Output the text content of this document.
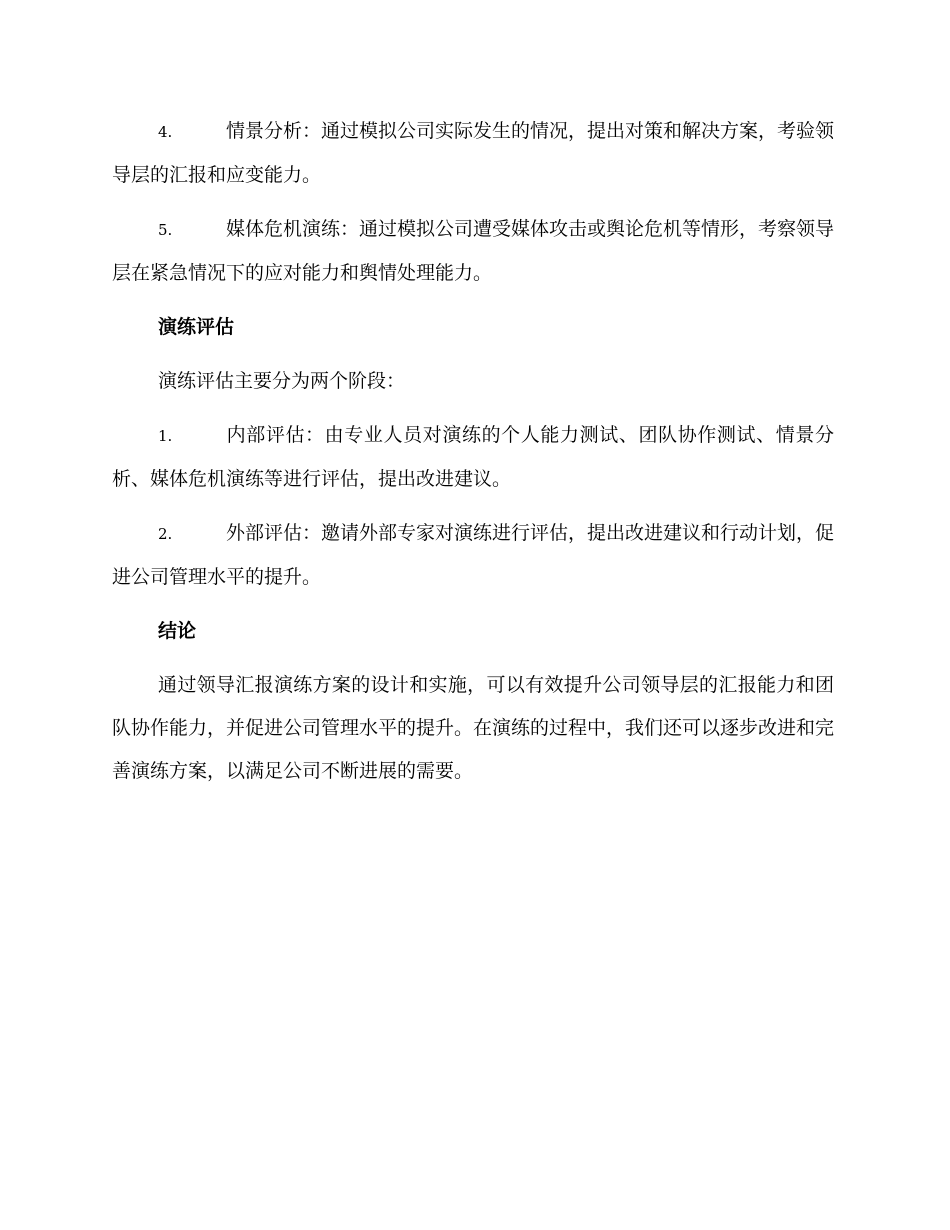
4.	情景分析：通过模拟公司实际发生的情况，提出对策和解决方案，考验领导层的汇报和应变能力。

5.	媒体危机演练：通过模拟公司遭受媒体攻击或舆论危机等情形，考察领导层在紧急情况下的应对能力和舆情处理能力。

演练评估

演练评估主要分为两个阶段：

1.	内部评估：由专业人员对演练的个人能力测试、团队协作测试、情景分析、媒体危机演练等进行评估，提出改进建议。

2.	外部评估：邀请外部专家对演练进行评估，提出改进建议和行动计划，促进公司管理水平的提升。

结论

通过领导汇报演练方案的设计和实施，可以有效提升公司领导层的汇报能力和团队协作能力，并促进公司管理水平的提升。在演练的过程中，我们还可以逐步改进和完善演练方案，以满足公司不断进展的需要。
